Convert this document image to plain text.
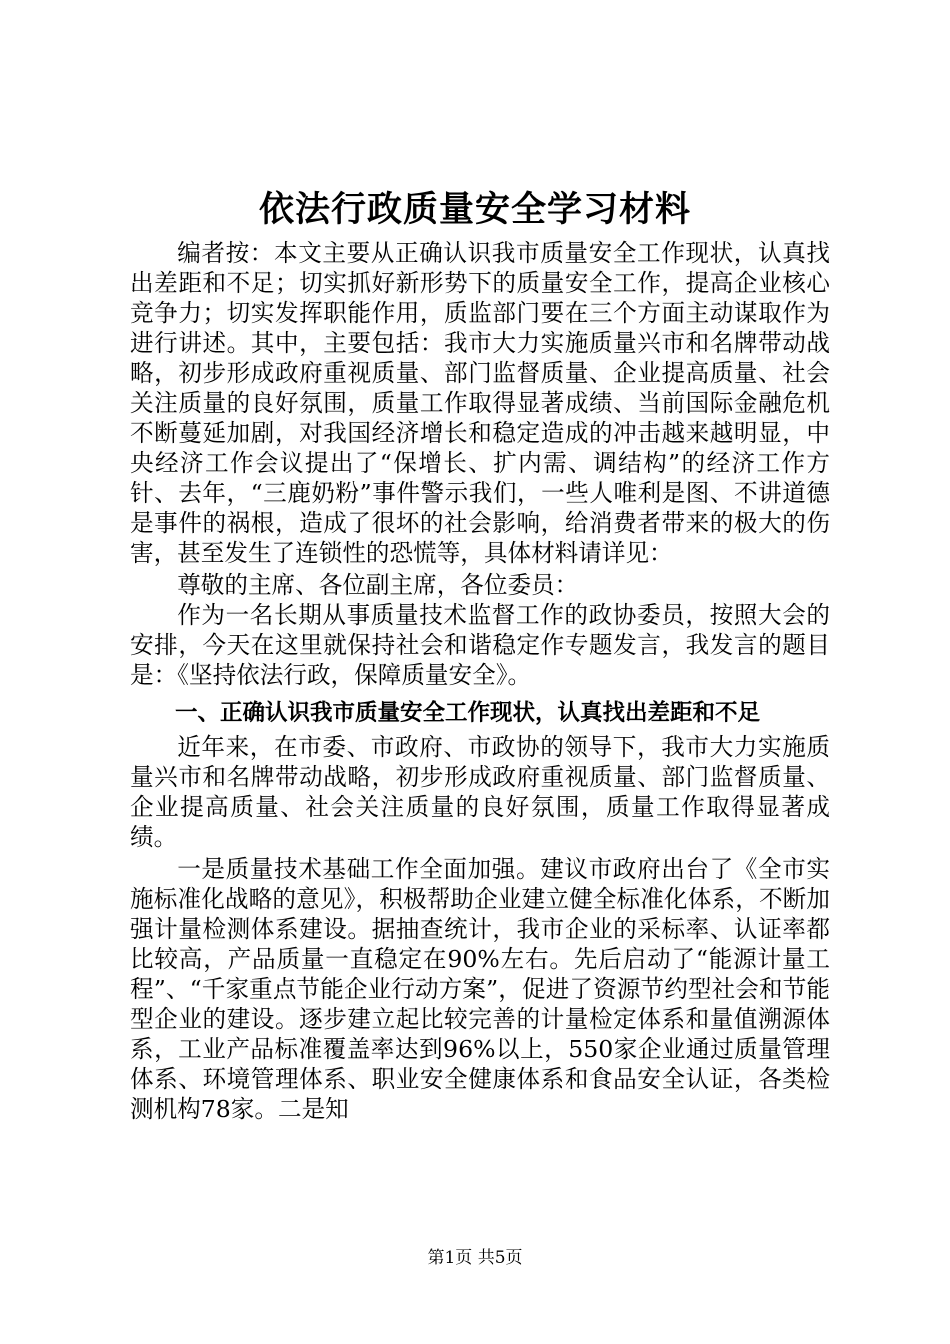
依法行政质量安全学习材料

编者按：本文主要从正确认识我市质量安全工作现状，认真找出差距和不足；切实抓好新形势下的质量安全工作，提高企业核心竞争力；切实发挥职能作用，质监部门要在三个方面主动谋取作为进行讲述。其中，主要包括：我市大力实施质量兴市和名牌带动战略，初步形成政府重视质量、部门监督质量、企业提高质量、社会关注质量的良好氛围，质量工作取得显著成绩、当前国际金融危机不断蔓延加剧，对我国经济增长和稳定造成的冲击越来越明显，中央经济工作会议提出了“保增长、扩内需、调结构”的经济工作方针、去年，“三鹿奶粉”事件警示我们，一些人唯利是图、不讲道德是事件的祸根，造成了很坏的社会影响，给消费者带来的极大的伤害，甚至发生了连锁性的恐慌等，具体材料请详见：

尊敬的主席、各位副主席，各位委员：

作为一名长期从事质量技术监督工作的政协委员，按照大会的安排，今天在这里就保持社会和谐稳定作专题发言，我发言的题目是：《坚持依法行政，保障质量安全》。

一、正确认识我市质量安全工作现状，认真找出差距和不足

近年来，在市委、市政府、市政协的领导下，我市大力实施质量兴市和名牌带动战略，初步形成政府重视质量、部门监督质量、企业提高质量、社会关注质量的良好氛围，质量工作取得显著成绩。

一是质量技术基础工作全面加强。建议市政府出台了《全市实施标准化战略的意见》，积极帮助企业建立健全标准化体系，不断加强计量检测体系建设。据抽查统计，我市企业的采标率、认证率都比较高，产品质量一直稳定在90%左右。先后启动了“能源计量工程”、“千家重点节能企业行动方案”，促进了资源节约型社会和节能型企业的建设。逐步建立起比较完善的计量检定体系和量值溯源体系，工业产品标准覆盖率达到96%以上，550家企业通过质量管理体系、环境管理体系、职业安全健康体系和食品安全认证，各类检测机构78家。二是知

第1页 共5页
